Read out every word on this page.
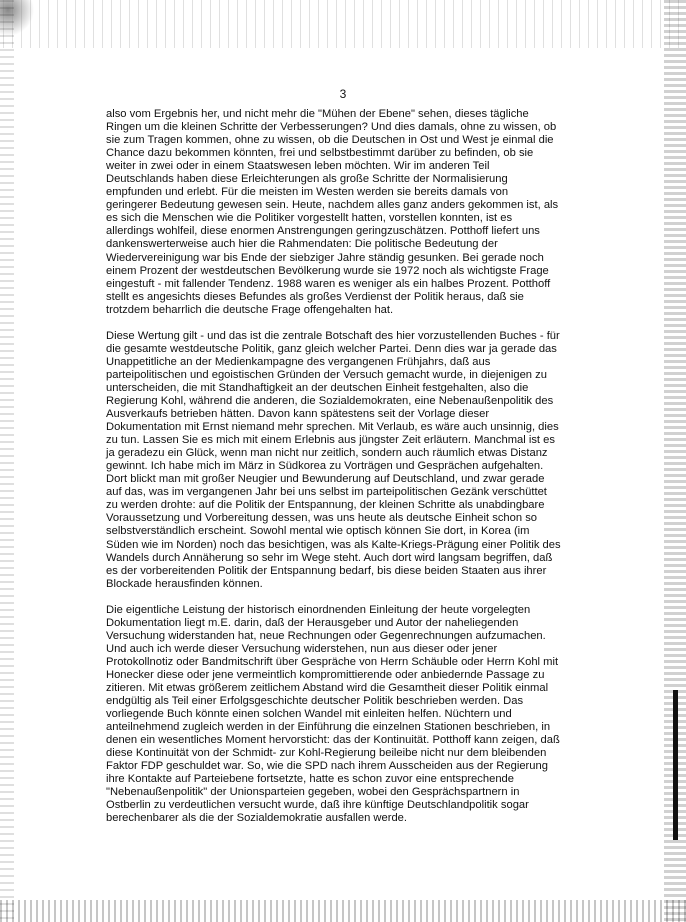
3

also vom Ergebnis her, und nicht mehr die "Mühen der Ebene" sehen, dieses tägliche
Ringen um die kleinen Schritte der Verbesserungen? Und dies damals, ohne zu wissen, ob
sie zum Tragen kommen, ohne zu wissen, ob die Deutschen in Ost und West je einmal die
Chance dazu bekommen könnten, frei und selbstbestimmt darüber zu befinden, ob sie
weiter in zwei oder in einem Staatswesen leben möchten. Wir im anderen Teil
Deutschlands haben diese Erleichterungen als große Schritte der Normalisierung
empfunden und erlebt. Für die meisten im Westen werden sie bereits damals von
geringerer Bedeutung gewesen sein. Heute, nachdem alles ganz anders gekommen ist, als
es sich die Menschen wie die Politiker vorgestellt hatten, vorstellen konnten, ist es
allerdings wohlfeil, diese enormen Anstrengungen geringzuschätzen. Potthoff liefert uns
dankenswerterweise auch hier die Rahmendaten: Die politische Bedeutung der
Wiedervereinigung war bis Ende der siebziger Jahre ständig gesunken. Bei gerade noch
einem Prozent der westdeutschen Bevölkerung wurde sie 1972 noch als wichtigste Frage
eingestuft - mit fallender Tendenz. 1988 waren es weniger als ein halbes Prozent. Potthoff
stellt es angesichts dieses Befundes als großes Verdienst der Politik heraus, daß sie
trotzdem beharrlich die deutsche Frage offengehalten hat.

Diese Wertung gilt - und das ist die zentrale Botschaft des hier vorzustellenden Buches - für
die gesamte westdeutsche Politik, ganz gleich welcher Partei. Denn dies war ja gerade das
Unappetitliche an der Medienkampagne des vergangenen Frühjahrs, daß aus
parteipolitischen und egoistischen Gründen der Versuch gemacht wurde, in diejenigen zu
unterscheiden, die mit Standhaftigkeit an der deutschen Einheit festgehalten, also die
Regierung Kohl, während die anderen, die Sozialdemokraten, eine Nebenaußenpolitik des
Ausverkaufs betrieben hätten. Davon kann spätestens seit der Vorlage dieser
Dokumentation mit Ernst niemand mehr sprechen. Mit Verlaub, es wäre auch unsinnig, dies
zu tun. Lassen Sie es mich mit einem Erlebnis aus jüngster Zeit erläutern. Manchmal ist es
ja geradezu ein Glück, wenn man nicht nur zeitlich, sondern auch räumlich etwas Distanz
gewinnt. Ich habe mich im März in Südkorea zu Vorträgen und Gesprächen aufgehalten.
Dort blickt man mit großer Neugier und Bewunderung auf Deutschland, und zwar gerade
auf das, was im vergangenen Jahr bei uns selbst im parteipolitischen Gezänk verschüttet
zu werden drohte: auf die Politik der Entspannung, der kleinen Schritte als unabdingbare
Voraussetzung und Vorbereitung dessen, was uns heute als deutsche Einheit schon so
selbstverständlich erscheint. Sowohl mental wie optisch können Sie dort, in Korea (im
Süden wie im Norden) noch das besichtigen, was als Kalte-Kriegs-Prägung einer Politik des
Wandels durch Annäherung so sehr im Wege steht. Auch dort wird langsam begriffen, daß
es der vorbereitenden Politik der Entspannung bedarf, bis diese beiden Staaten aus ihrer
Blockade herausfinden können.

Die eigentliche Leistung der historisch einordnenden Einleitung der heute vorgelegten
Dokumentation liegt m.E. darin, daß der Herausgeber und Autor der naheliegenden
Versuchung widerstanden hat, neue Rechnungen oder Gegenrechnungen aufzumachen.
Und auch ich werde dieser Versuchung widerstehen, nun aus dieser oder jener
Protokollnotiz oder Bandmitschrift über Gespräche von Herrn Schäuble oder Herrn Kohl mit
Honecker diese oder jene vermeintlich kompromittierende oder anbiedernde Passage zu
zitieren. Mit etwas größerem zeitlichem Abstand wird die Gesamtheit dieser Politik einmal
endgültig als Teil einer Erfolgsgeschichte deutscher Politik beschrieben werden. Das
vorliegende Buch könnte einen solchen Wandel mit einleiten helfen. Nüchtern und
anteilnehmend zugleich werden in der Einführung die einzelnen Stationen beschrieben, in
denen ein wesentliches Moment hervorsticht: das der Kontinuität. Potthoff kann zeigen, daß
diese Kontinuität von der Schmidt- zur Kohl-Regierung beileibe nicht nur dem bleibenden
Faktor FDP geschuldet war. So, wie die SPD nach ihrem Ausscheiden aus der Regierung
ihre Kontakte auf Parteiebene fortsetzte, hatte es schon zuvor eine entsprechende
"Nebenaußenpolitik" der Unionsparteien gegeben, wobei den Gesprächspartnern in
Ostberlin zu verdeutlichen versucht wurde, daß ihre künftige Deutschlandpolitik sogar
berechenbarer als die der Sozialdemokratie ausfallen werde.
